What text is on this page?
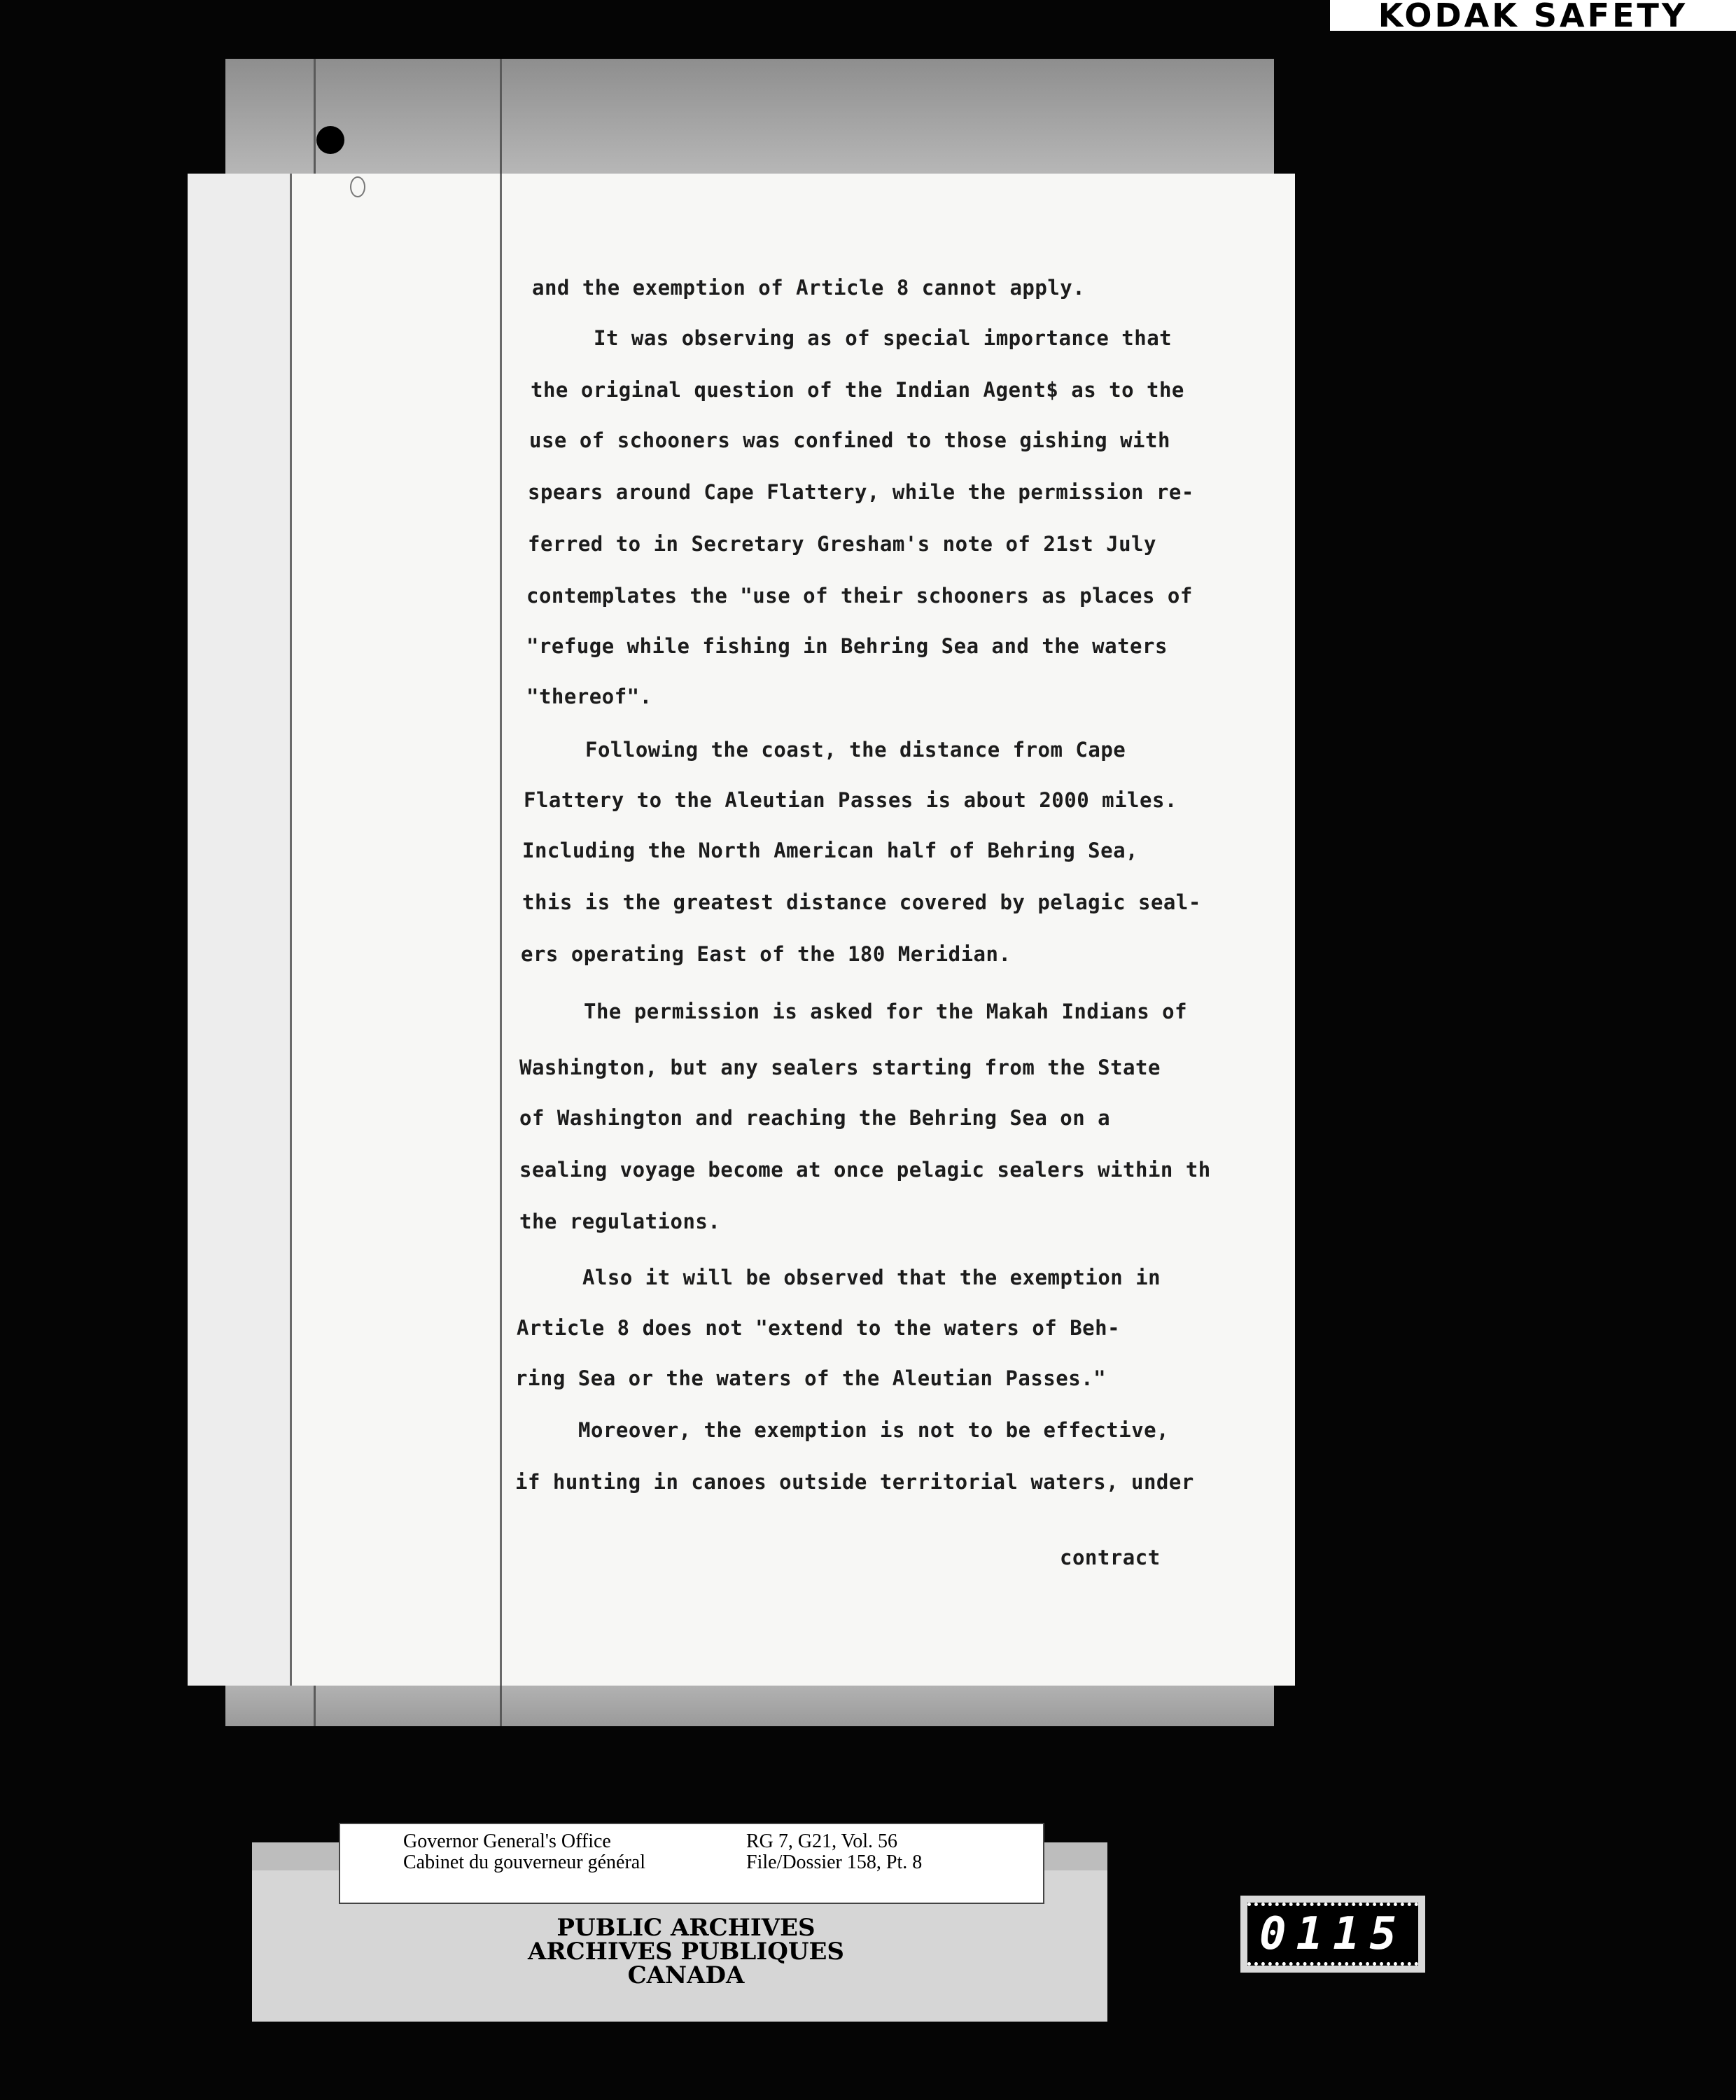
KODAK SAFETY
and the exemption of Article 8 cannot apply.
It was observing as of special importance that
the original question of the Indian Agent$ as to the
use of schooners was confined to those gishing with
spears around Cape Flattery, while the permission re-
ferred to in Secretary Gresham's note of 21st July
contemplates the "use of their schooners as places of
"refuge while fishing in Behring Sea and the waters
"thereof".
Following the coast, the distance from Cape
Flattery to the Aleutian Passes is about 2000 miles.
Including the North American half of Behring Sea,
this is the greatest distance covered by pelagic seal-
ers operating East of the 180 Meridian.
The permission is asked for the Makah Indians of
Washington, but any sealers starting from the State
of Washington and reaching the Behring Sea on a
sealing voyage become at once pelagic sealers within th
the regulations.
Also it will be observed that the exemption in
Article 8 does not "extend to the waters of Beh-
ring Sea or the waters of the Aleutian Passes."
Moreover, the exemption is not to be effective,
if hunting in canoes outside territorial waters, under
contract
Governor General's Office
Cabinet du gouverneur général
RG 7, G21, Vol. 56
File/Dossier 158, Pt. 8
PUBLIC ARCHIVES
ARCHIVES PUBLIQUES
CANADA
0115
